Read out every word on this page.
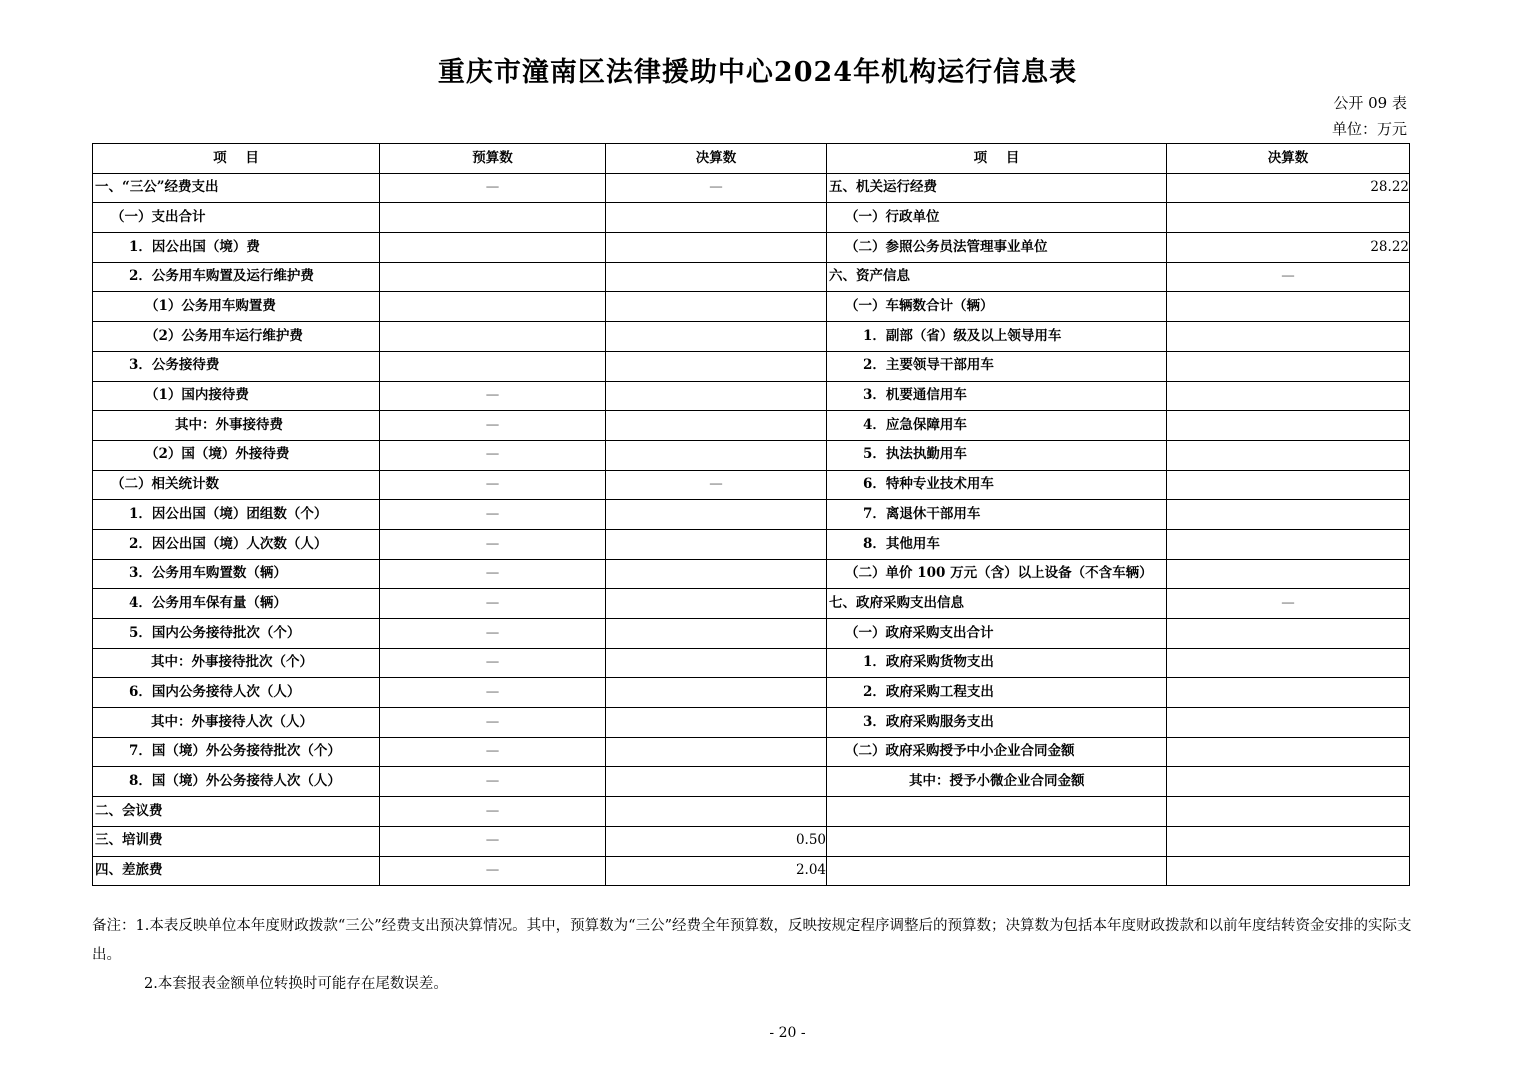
重庆市潼南区法律援助中心2024年机构运行信息表
公开 09 表
单位：万元
项    目	预算数	决算数	项    目	决算数
一、“三公”经费支出	—	—	五、机关运行经费	28.22
（一）支出合计			（一）行政单位	
1．因公出国（境）费			（二）参照公务员法管理事业单位	28.22
2．公务用车购置及运行维护费			六、资产信息	—
（1）公务用车购置费			（一）车辆数合计（辆）	
（2）公务用车运行维护费			1．副部（省）级及以上领导用车	
3．公务接待费			2．主要领导干部用车	
（1）国内接待费	—		3．机要通信用车	
其中：外事接待费	—		4．应急保障用车	
（2）国（境）外接待费	—		5．执法执勤用车	
（二）相关统计数	—	—	6．特种专业技术用车	
1．因公出国（境）团组数（个）	—		7．离退休干部用车	
2．因公出国（境）人次数（人）	—		8．其他用车	
3．公务用车购置数（辆）	—		（二）单价 100 万元（含）以上设备（不含车辆）	
4．公务用车保有量（辆）	—		七、政府采购支出信息	—
5．国内公务接待批次（个）	—		（一）政府采购支出合计	
其中：外事接待批次（个）	—		1．政府采购货物支出	
6．国内公务接待人次（人）	—		2．政府采购工程支出	
其中：外事接待人次（人）	—		3．政府采购服务支出	
7．国（境）外公务接待批次（个）	—		（二）政府采购授予中小企业合同金额	
8．国（境）外公务接待人次（人）	—		其中：授予小微企业合同金额	
二、会议费	—			
三、培训费	—	0.50		
四、差旅费	—	2.04		
备注：1.本表反映单位本年度财政拨款“三公”经费支出预决算情况。其中，预算数为“三公”经费全年预算数，反映按规定程序调整后的预算数；决算数为包括本年度财政拨款和以前年度结转资金安排的实际支出。
2.本套报表金额单位转换时可能存在尾数误差。
- 20 -
